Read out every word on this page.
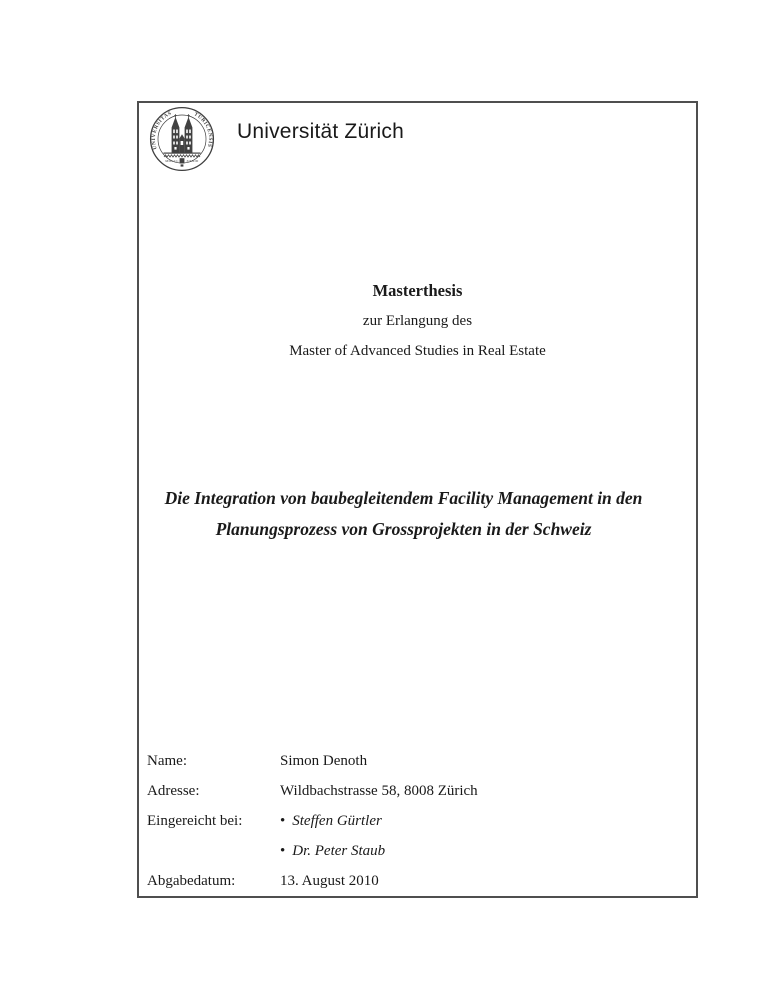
UNIVERSITAS	TURICENSIS
MDCCC XXXIII
Universität Zürich
Masterthesis
zur Erlangung des
Master of Advanced Studies in Real Estate
Die Integration von baubegleitendem Facility Management in den
Planungsprozess von Grossprojekten in der Schweiz
Name:	Simon Denoth
Adresse:	Wildbachstrasse 58, 8008 Zürich
Eingereicht bei:	• Steffen Gürtler
• Dr. Peter Staub
Abgabedatum:	13. August 2010
